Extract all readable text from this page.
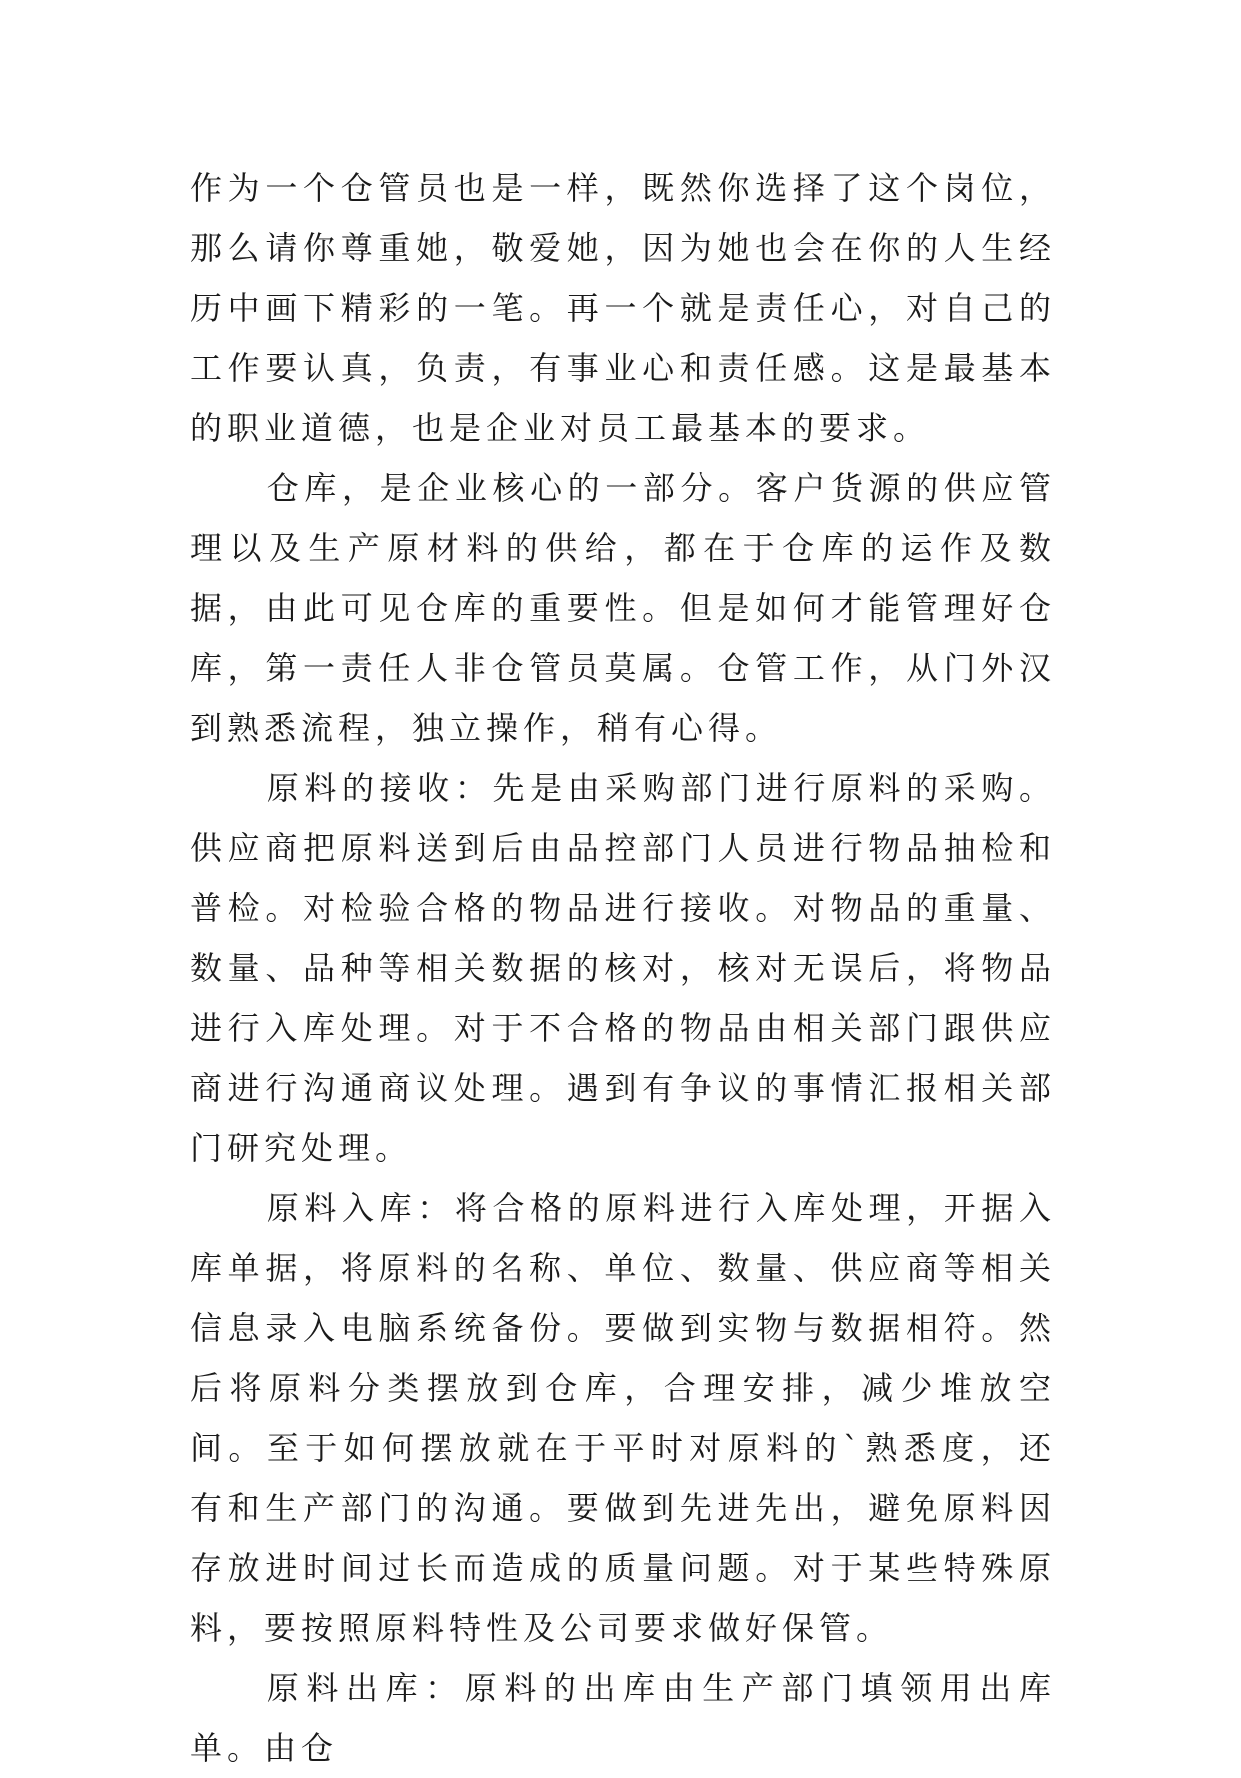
作为一个仓管员也是一样，既然你选择了这个岗位，那么请你尊重她，敬爱她，因为她也会在你的人生经历中画下精彩的一笔。再一个就是责任心，对自己的工作要认真，负责，有事业心和责任感。这是最基本的职业道德，也是企业对员工最基本的要求。

仓库，是企业核心的一部分。客户货源的供应管理以及生产原材料的供给，都在于仓库的运作及数据，由此可见仓库的重要性。但是如何才能管理好仓库，第一责任人非仓管员莫属。仓管工作，从门外汉到熟悉流程，独立操作，稍有心得。

原料的接收：先是由采购部门进行原料的采购。供应商把原料送到后由品控部门人员进行物品抽检和普检。对检验合格的物品进行接收。对物品的重量、数量、品种等相关数据的核对，核对无误后，将物品进行入库处理。对于不合格的物品由相关部门跟供应商进行沟通商议处理。遇到有争议的事情汇报相关部门研究处理。

原料入库：将合格的原料进行入库处理，开据入库单据，将原料的名称、单位、数量、供应商等相关信息录入电脑系统备份。要做到实物与数据相符。然后将原料分类摆放到仓库，合理安排，减少堆放空间。至于如何摆放就在于平时对原料的`熟悉度，还有和生产部门的沟通。要做到先进先出，避免原料因存放进时间过长而造成的质量问题。对于某些特殊原料，要按照原料特性及公司要求做好保管。

原料出库：原料的出库由生产部门填领用出库单。由仓
